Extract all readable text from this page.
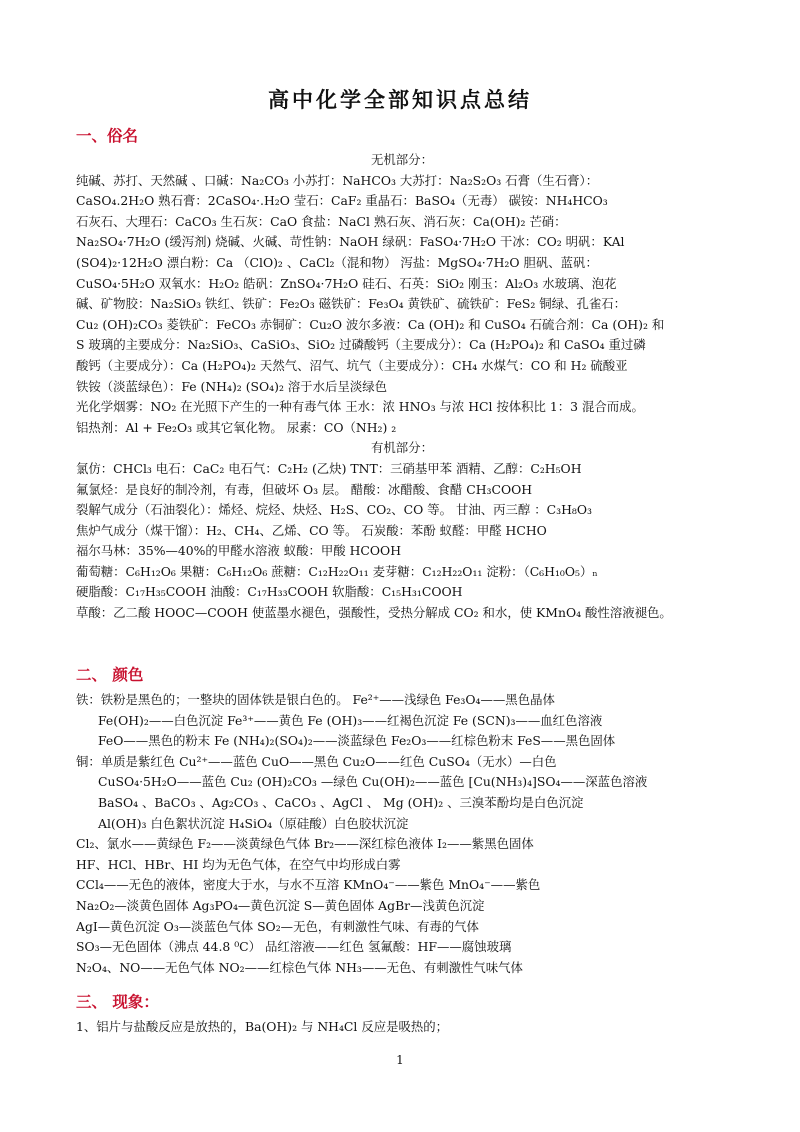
高中化学全部知识点总结
一、俗名
无机部分：
纯碱、苏打、天然碱 、口碱：Na₂CO₃ 小苏打：NaHCO₃ 大苏打：Na₂S₂O₃ 石膏（生石膏）：
CaSO₄.2H₂O 熟石膏：2CaSO₄·.H₂O 莹石：CaF₂ 重晶石：BaSO₄（无毒） 碳铵：NH₄HCO₃
石灰石、大理石：CaCO₃ 生石灰：CaO 食盐：NaCl 熟石灰、消石灰：Ca(OH)₂ 芒硝：
Na₂SO₄·7H₂O (缓泻剂) 烧碱、火碱、苛性钠：NaOH 绿矾：FaSO₄·7H₂O 干冰：CO₂ 明矾：KAl
(SO4)₂·12H₂O 漂白粉：Ca （ClO)₂ 、CaCl₂（混和物） 泻盐：MgSO₄·7H₂O 胆矾、蓝矾：
CuSO₄·5H₂O 双氧水：H₂O₂ 皓矾：ZnSO₄·7H₂O 硅石、石英：SiO₂ 刚玉：Al₂O₃ 水玻璃、泡花
碱、矿物胶：Na₂SiO₃ 铁红、铁矿：Fe₂O₃ 磁铁矿：Fe₃O₄ 黄铁矿、硫铁矿：FeS₂ 铜绿、孔雀石：
Cu₂ (OH)₂CO₃ 菱铁矿：FeCO₃ 赤铜矿：Cu₂O 波尔多液：Ca (OH)₂ 和 CuSO₄ 石硫合剂：Ca (OH)₂ 和
S 玻璃的主要成分：Na₂SiO₃、CaSiO₃、SiO₂ 过磷酸钙（主要成分）：Ca (H₂PO₄)₂ 和 CaSO₄ 重过磷
酸钙（主要成分）：Ca (H₂PO₄)₂ 天然气、沼气、坑气（主要成分）：CH₄ 水煤气：CO 和 H₂ 硫酸亚
铁铵（淡蓝绿色）：Fe (NH₄)₂ (SO₄)₂ 溶于水后呈淡绿色
光化学烟雾：NO₂ 在光照下产生的一种有毒气体 王水：浓 HNO₃ 与浓 HCl 按体积比 1：3 混合而成。
铝热剂：Al + Fe₂O₃ 或其它氧化物。 尿素：CO（NH₂) ₂
有机部分：
氯仿：CHCl₃ 电石：CaC₂ 电石气：C₂H₂ (乙炔) TNT：三硝基甲苯 酒精、乙醇：C₂H₅OH
氟氯烃：是良好的制冷剂，有毒，但破坏 O₃ 层。 醋酸：冰醋酸、食醋 CH₃COOH
裂解气成分（石油裂化）：烯烃、烷烃、炔烃、H₂S、CO₂、CO 等。 甘油、丙三醇 ：C₃H₈O₃
焦炉气成分（煤干馏）：H₂、CH₄、乙烯、CO 等。 石炭酸：苯酚 蚁醛：甲醛 HCHO
福尔马林：35%—40%的甲醛水溶液 蚁酸：甲酸 HCOOH
葡萄糖：C₆H₁₂O₆ 果糖：C₆H₁₂O₆ 蔗糖：C₁₂H₂₂O₁₁ 麦芽糖：C₁₂H₂₂O₁₁ 淀粉：（C₆H₁₀O₅）ₙ
硬脂酸：C₁₇H₃₅COOH 油酸：C₁₇H₃₃COOH 软脂酸：C₁₅H₃₁COOH
草酸：乙二酸 HOOC—COOH 使蓝墨水褪色，强酸性，受热分解成 CO₂ 和水，使 KMnO₄ 酸性溶液褪色。
二、 颜色
铁：铁粉是黑色的；一整块的固体铁是银白色的。 Fe²⁺——浅绿色 Fe₃O₄——黑色晶体
Fe(OH)₂——白色沉淀 Fe³⁺——黄色 Fe (OH)₃——红褐色沉淀 Fe (SCN)₃——血红色溶液
FeO——黑色的粉末 Fe (NH₄)₂(SO₄)₂——淡蓝绿色 Fe₂O₃——红棕色粉末 FeS——黑色固体
铜：单质是紫红色 Cu²⁺——蓝色 CuO——黑色 Cu₂O——红色 CuSO₄（无水）—白色
CuSO₄·5H₂O——蓝色 Cu₂ (OH)₂CO₃ —绿色 Cu(OH)₂——蓝色 [Cu(NH₃)₄]SO₄——深蓝色溶液
BaSO₄ 、BaCO₃ 、Ag₂CO₃ 、CaCO₃ 、AgCl 、 Mg (OH)₂ 、三溴苯酚均是白色沉淀
Al(OH)₃ 白色絮状沉淀 H₄SiO₄（原硅酸）白色胶状沉淀
Cl₂、氯水——黄绿色 F₂——淡黄绿色气体 Br₂——深红棕色液体 I₂——紫黑色固体
HF、HCl、HBr、HI 均为无色气体，在空气中均形成白雾
CCl₄——无色的液体，密度大于水，与水不互溶 KMnO₄⁻——紫色 MnO₄⁻——紫色
Na₂O₂—淡黄色固体 Ag₃PO₄—黄色沉淀 S—黄色固体 AgBr—浅黄色沉淀
AgI—黄色沉淀 O₃—淡蓝色气体 SO₂—无色，有刺激性气味、有毒的气体
SO₃—无色固体（沸点 44.8 ⁰C） 品红溶液——红色 氢氟酸：HF——腐蚀玻璃
N₂O₄、NO——无色气体 NO₂——红棕色气体 NH₃——无色、有刺激性气味气体
三、 现象：
1、铝片与盐酸反应是放热的，Ba(OH)₂ 与 NH₄Cl 反应是吸热的；
1
